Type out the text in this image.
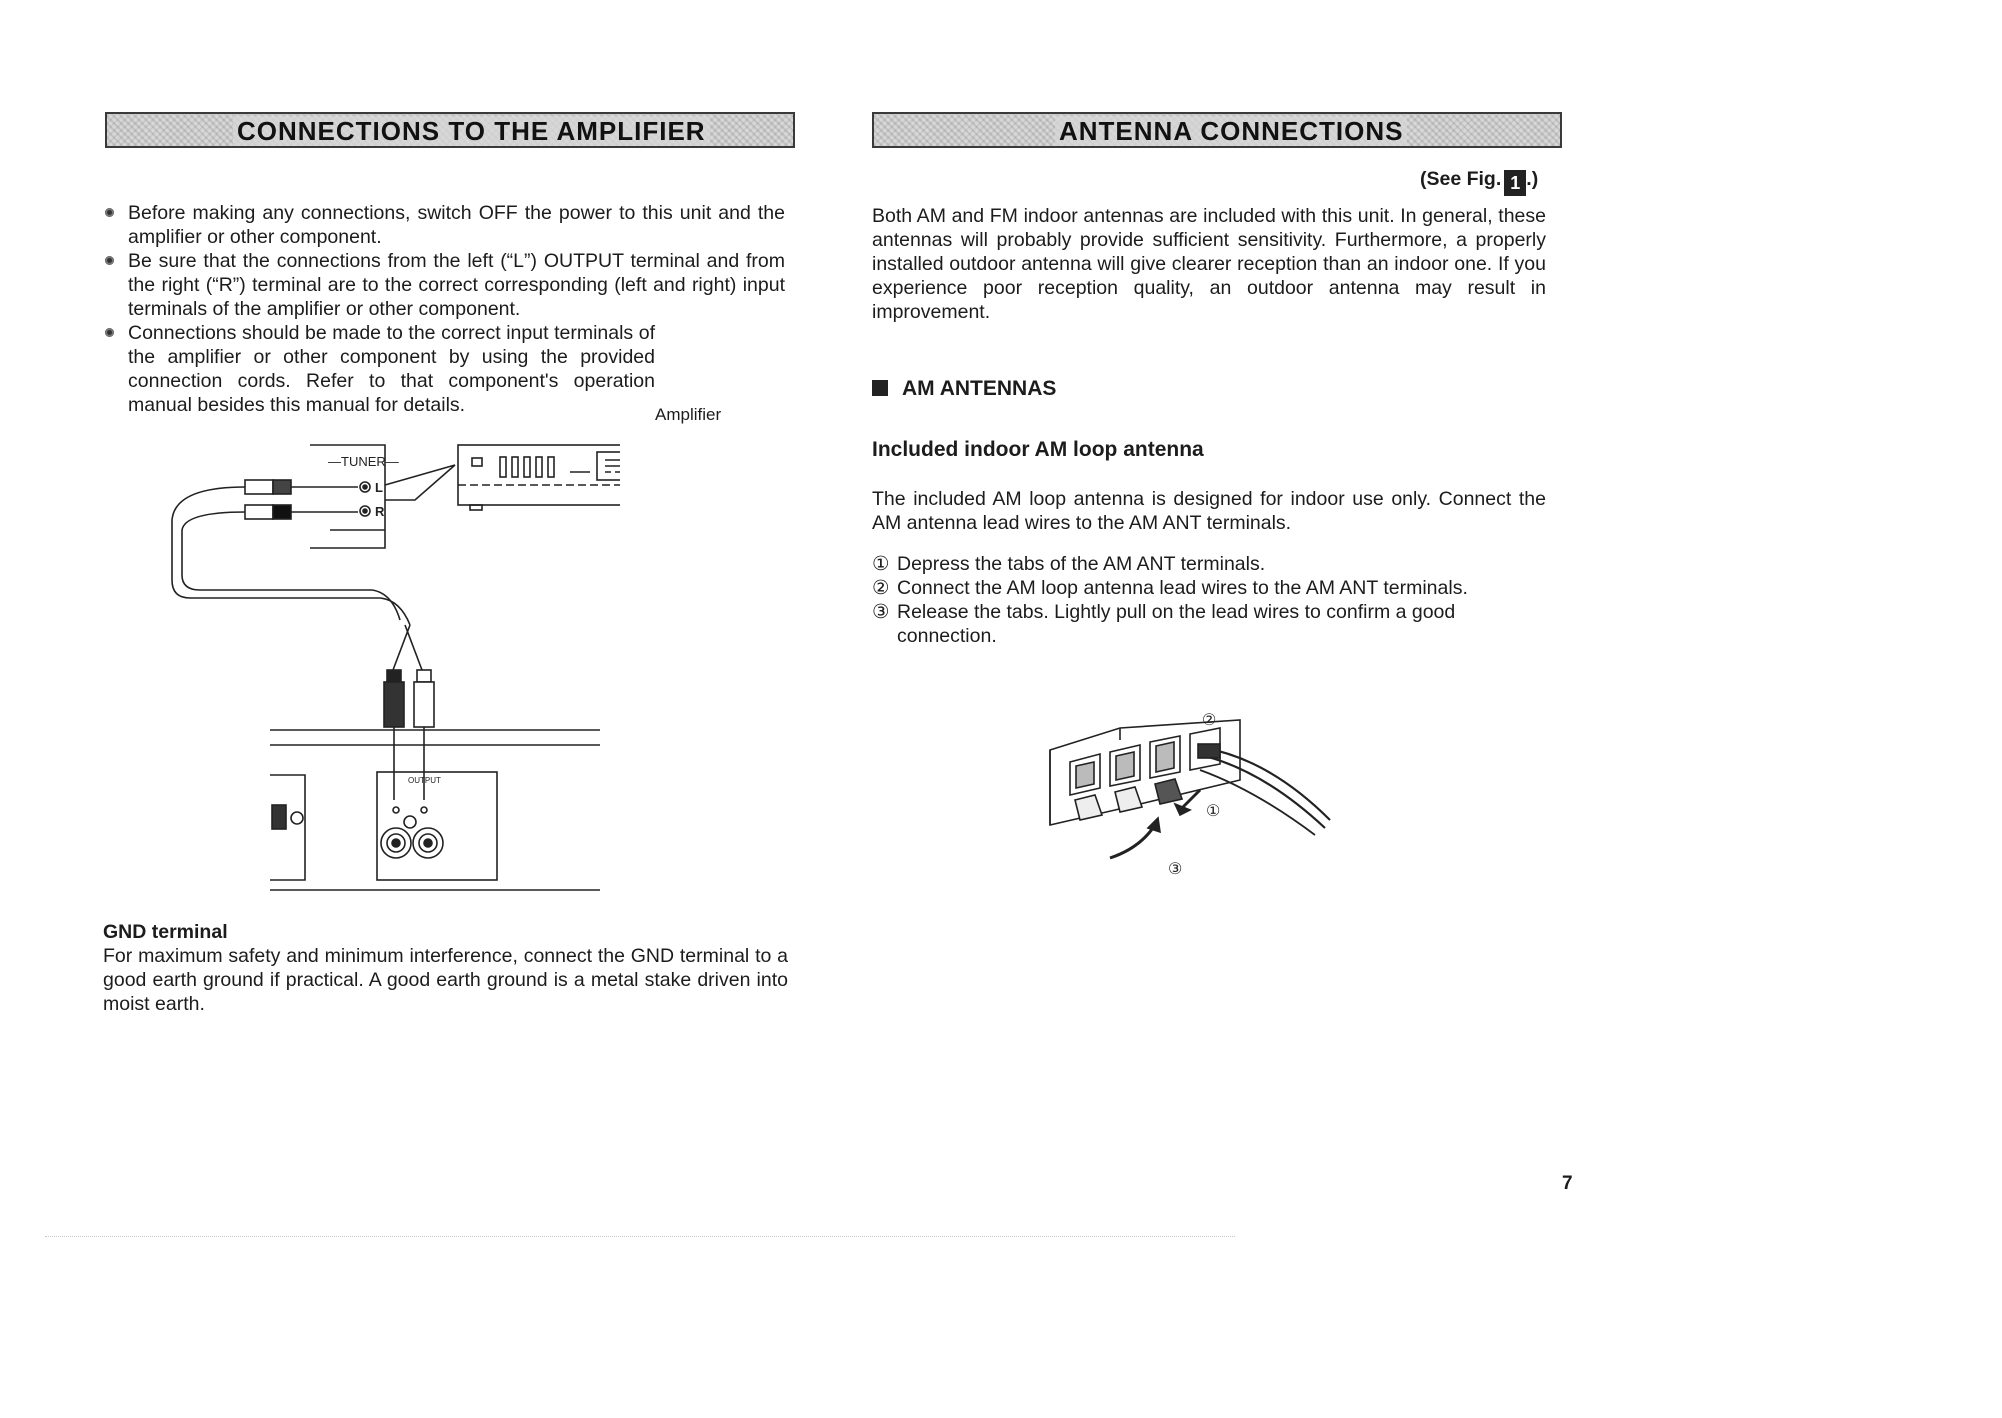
CONNECTIONS TO THE AMPLIFIER
Before making any connections, switch OFF the power to this unit and the amplifier or other component.
Be sure that the connections from the left (“L”) OUTPUT terminal and from the right (“R”) terminal are to the correct corresponding (left and right) input terminals of the amplifier or other component.
Connections should be made to the correct input terminals of the amplifier or other component by using the provided connection cords. Refer to that component's operation manual besides this manual for details.	Amplifier
—TUNER—
L
R
OUTPUT

GND terminal

For maximum safety and minimum interference, connect the GND terminal to a good earth ground if practical. A good earth ground is a metal stake driven into moist earth.

ANTENNA CONNECTIONS
(See Fig. 1 .)

Both AM and FM indoor antennas are included with this unit. In general, these antennas will probably provide sufficient sensitivity. Furthermore, a properly installed outdoor antenna will give clearer reception than an indoor one. If you experience poor reception quality, an outdoor antenna may result in improvement.

AM ANTENNAS

Included indoor AM loop antenna

The included AM loop antenna is designed for indoor use only. Connect the AM antenna lead wires to the AM ANT terminals.

① Depress the tabs of the AM ANT terminals.
② Connect the AM loop antenna lead wires to the AM ANT terminals.
③ Release the tabs. Lightly pull on the lead wires to confirm a good connection.
②
①
③
7
